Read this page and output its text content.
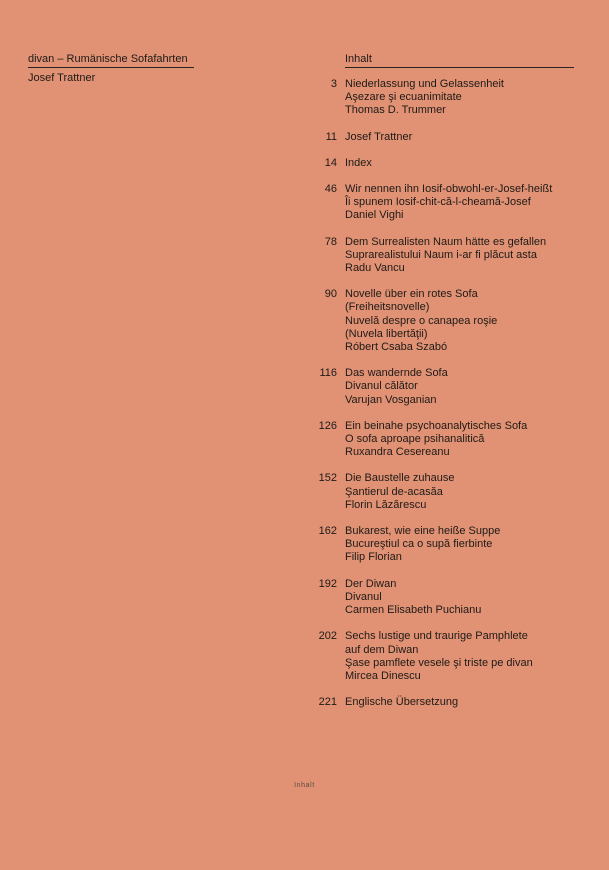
divan – Rumänische Sofafahrten
Josef Trattner
Inhalt
3 Niederlassung und Gelassenheit
Aşezare şi ecuanimitate
Thomas D. Trummer
11 Josef Trattner
14 Index
46 Wir nennen ihn Iosif-obwohl-er-Josef-heißt
Îi spunem Iosif-chit-că-l-cheamă-Josef
Daniel Vighi
78 Dem Surrealisten Naum hätte es gefallen
Suprarealistului Naum i-ar fi plăcut asta
Radu Vancu
90 Novelle über ein rotes Sofa
(Freiheitsnovelle)
Nuvelă despre o canapea roşie
(Nuvela libertăţii)
Róbert Csaba Szabó
116 Das wandernde Sofa
Divanul călător
Varujan Vosganian
126 Ein beinahe psychoanalytisches Sofa
O sofa aproape psihanalitică
Ruxandra Cesereanu
152 Die Baustelle zuhause
Şantierul de-acasăa
Florin Lăzărescu
162 Bukarest, wie eine heiße Suppe
Bucureştiul ca o supă fierbinte
Filip Florian
192 Der Diwan
Divanul
Carmen Elisabeth Puchianu
202 Sechs lustige und traurige Pamphlete
auf dem Diwan
Şase pamflete vesele şi triste pe divan
Mircea Dinescu
221 Englische Übersetzung
Inhalt
